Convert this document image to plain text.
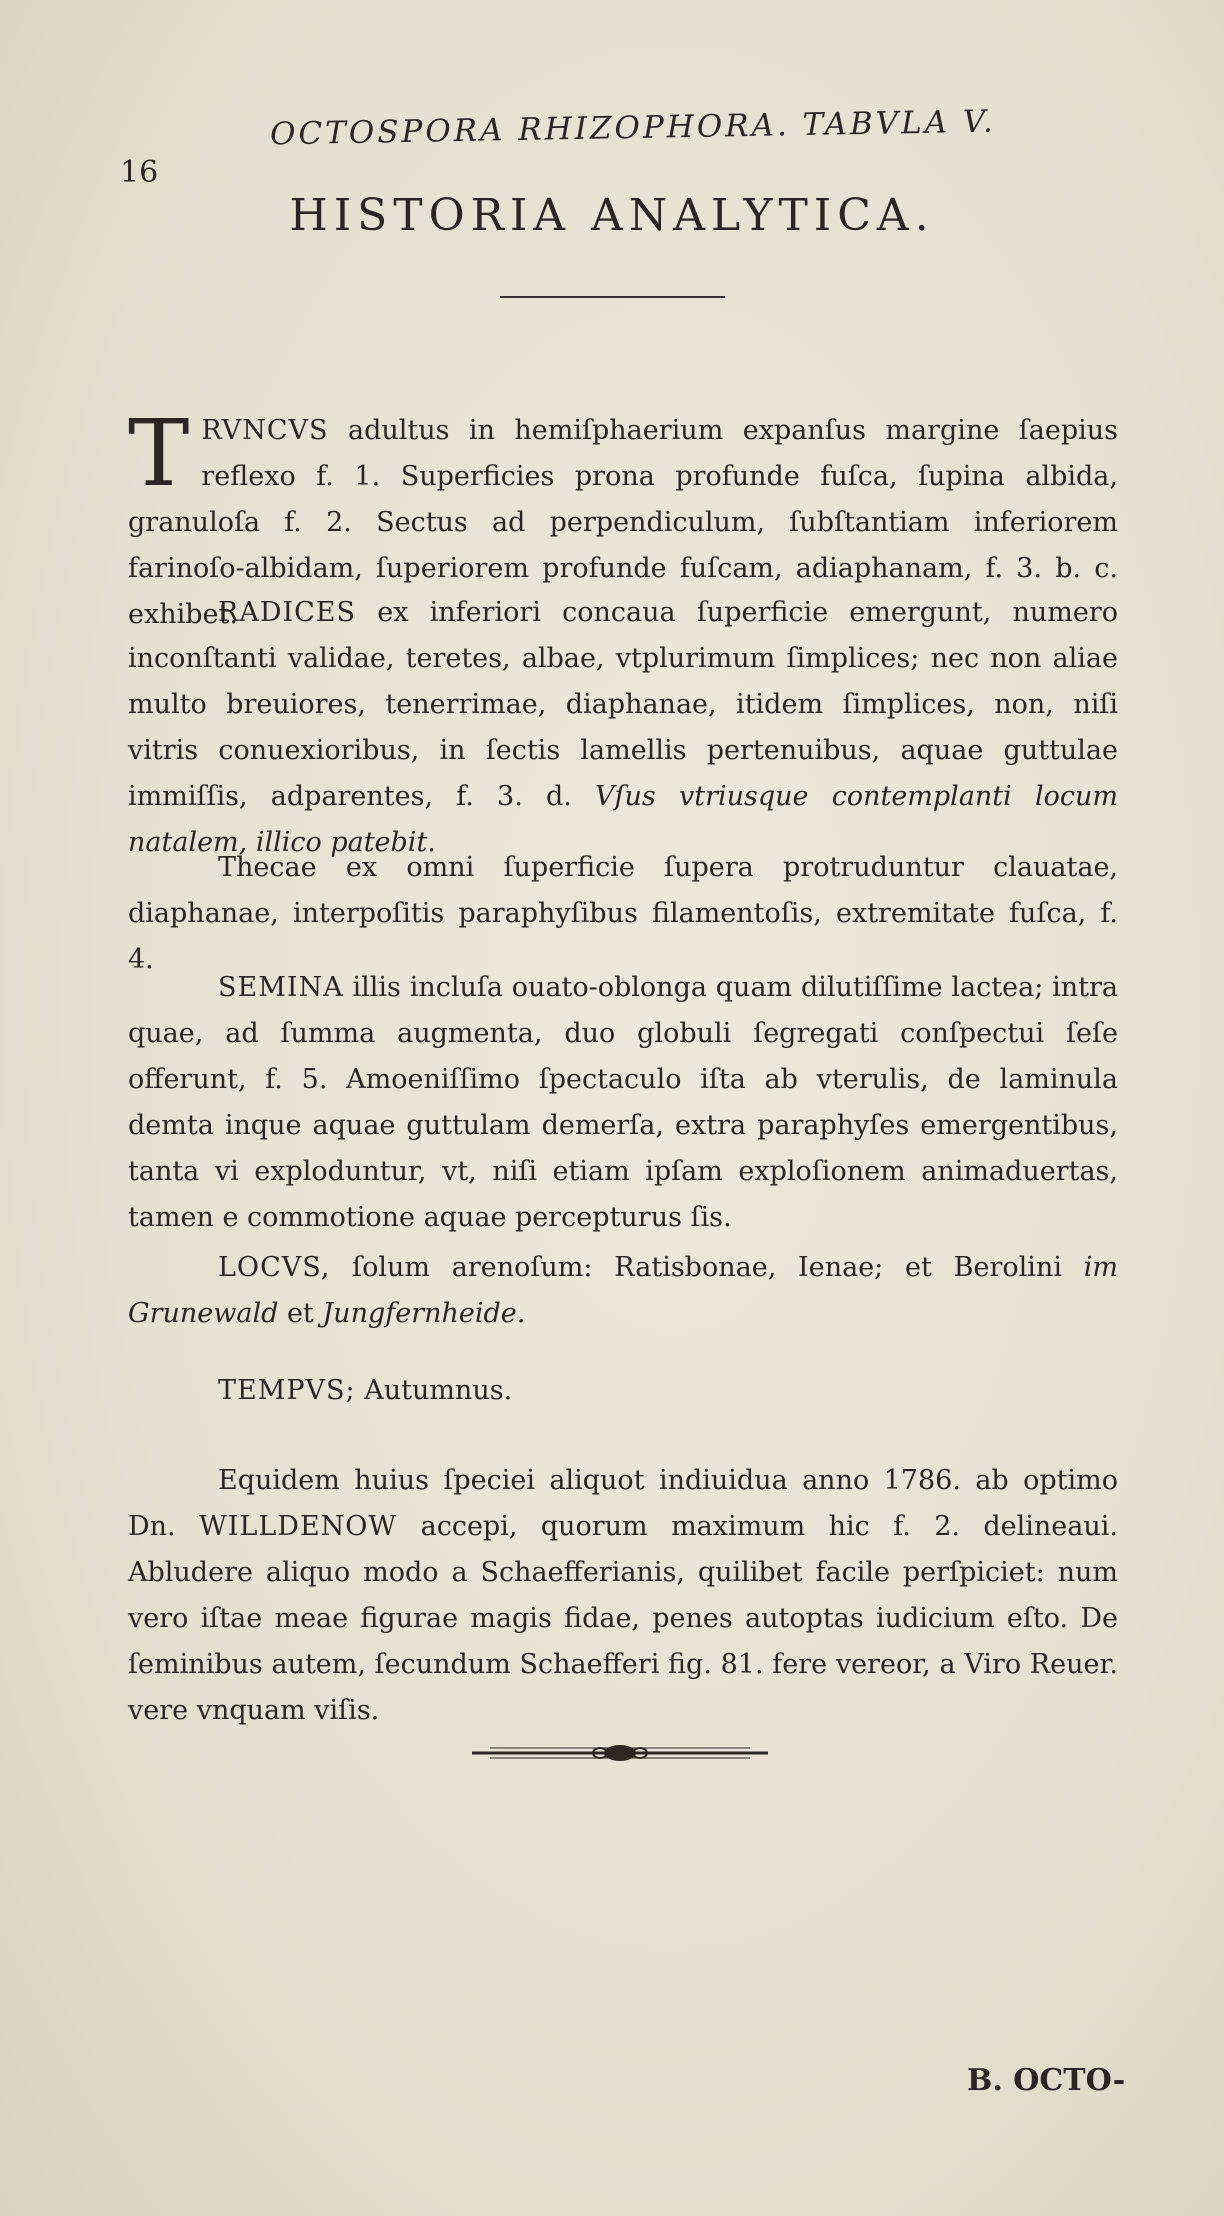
16
OCTOSPORA RHIZOPHORA. TABVLA V.
HISTORIA ANALYTICA.

TRVNCVS adultus in hemiſphaerium expanſus margine ſaepius reflexo f. 1. Superficies prona profunde fuſca, ſupina albida, granuloſa f. 2. Sectus ad perpendiculum, ſubſtantiam inferiorem farinoſo-albidam, ſuperiorem profunde fuſcam, adiaphanam, f. 3. b. c. exhibet.

RADICES ex inferiori concaua ſuperficie emergunt, numero inconſtanti validae, teretes, albae, vtplurimum ſimplices; nec non aliae multo breuiores, tenerrimae, diaphanae, itidem ſimplices, non, niſi vitris conuexioribus, in ſectis lamellis pertenuibus, aquae guttulae immiſſis, adparentes, f. 3. d. Vſus vtriusque contemplanti locum natalem, illico patebit.

Thecae ex omni ſuperficie ſupera protruduntur clauatae, diaphanae, interpoſitis paraphyſibus filamentoſis, extremitate fuſca, f. 4.

SEMINA illis incluſa ouato-oblonga quam dilutiſſime lactea; intra quae, ad ſumma augmenta, duo globuli ſegregati conſpectui ſeſe offerunt, f. 5. Amoeniſſimo ſpectaculo iſta ab vterulis, de laminula demta inque aquae guttulam demerſa, extra paraphyſes emergentibus, tanta vi exploduntur, vt, niſi etiam ipſam exploſionem animaduertas, tamen e commotione aquae percepturus ſis.

LOCVS, ſolum arenoſum: Ratisbonae, Ienae; et Berolini im Grunewald et Jungfernheide.

TEMPVS; Autumnus.

Equidem huius ſpeciei aliquot indiuidua anno 1786. ab optimo Dn. WILLDENOW accepi, quorum maximum hic f. 2. delineaui. Abludere aliquo modo a Schaefferianis, quilibet facile perſpiciet: num vero iſtae meae figurae magis fidae, penes autoptas iudicium eſto. De ſeminibus autem, ſecundum Schaefferi fig. 81. fere vereor, a Viro Reuer. vere vnquam viſis.

B. OCTO-
